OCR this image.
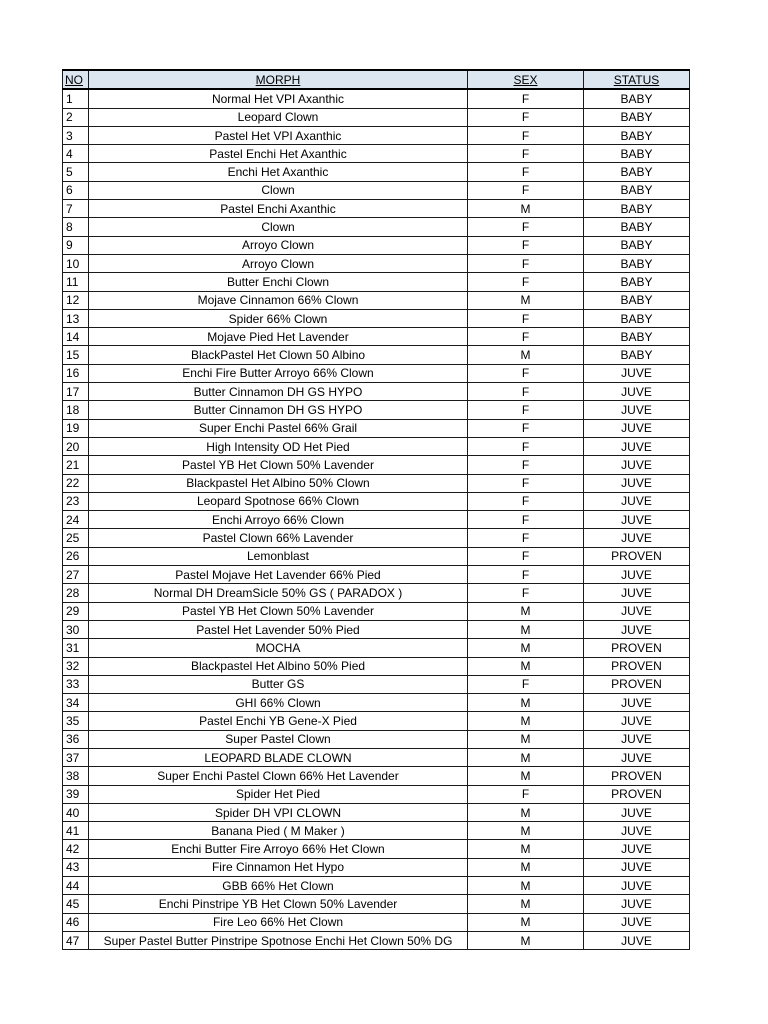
NO	MORPH	SEX	STATUS
1	Normal Het VPI Axanthic	F	BABY
2	Leopard Clown	F	BABY
3	Pastel Het VPI Axanthic	F	BABY
4	Pastel Enchi Het Axanthic	F	BABY
5	Enchi Het Axanthic	F	BABY
6	Clown	F	BABY
7	Pastel Enchi Axanthic	M	BABY
8	Clown	F	BABY
9	Arroyo Clown	F	BABY
10	Arroyo Clown	F	BABY
11	Butter Enchi Clown	F	BABY
12	Mojave Cinnamon 66% Clown	M	BABY
13	Spider 66% Clown	F	BABY
14	Mojave Pied Het Lavender	F	BABY
15	BlackPastel Het Clown 50 Albino	M	BABY
16	Enchi Fire Butter Arroyo 66% Clown	F	JUVE
17	Butter Cinnamon DH GS HYPO	F	JUVE
18	Butter Cinnamon DH GS HYPO	F	JUVE
19	Super Enchi Pastel 66% Grail	F	JUVE
20	High Intensity OD Het Pied	F	JUVE
21	Pastel YB Het Clown 50% Lavender	F	JUVE
22	Blackpastel Het Albino 50% Clown	F	JUVE
23	Leopard Spotnose 66% Clown	F	JUVE
24	Enchi Arroyo 66% Clown	F	JUVE
25	Pastel Clown 66% Lavender	F	JUVE
26	Lemonblast	F	PROVEN
27	Pastel Mojave Het Lavender 66% Pied	F	JUVE
28	Normal DH DreamSicle 50% GS ( PARADOX )	F	JUVE
29	Pastel YB Het Clown 50% Lavender	M	JUVE
30	Pastel Het Lavender 50% Pied	M	JUVE
31	MOCHA	M	PROVEN
32	Blackpastel Het Albino 50% Pied	M	PROVEN
33	Butter GS	F	PROVEN
34	GHI 66% Clown	M	JUVE
35	Pastel Enchi YB Gene-X Pied	M	JUVE
36	Super Pastel Clown	M	JUVE
37	LEOPARD BLADE CLOWN	M	JUVE
38	Super Enchi Pastel Clown 66% Het Lavender	M	PROVEN
39	Spider Het Pied	F	PROVEN
40	Spider DH VPI CLOWN	M	JUVE
41	Banana Pied ( M Maker )	M	JUVE
42	Enchi Butter Fire Arroyo 66% Het Clown	M	JUVE
43	Fire Cinnamon Het Hypo	M	JUVE
44	GBB 66% Het Clown	M	JUVE
45	Enchi Pinstripe YB Het Clown 50% Lavender	M	JUVE
46	Fire Leo 66% Het Clown	M	JUVE
47	Super Pastel Butter Pinstripe Spotnose Enchi Het Clown 50% DG	M	JUVE
